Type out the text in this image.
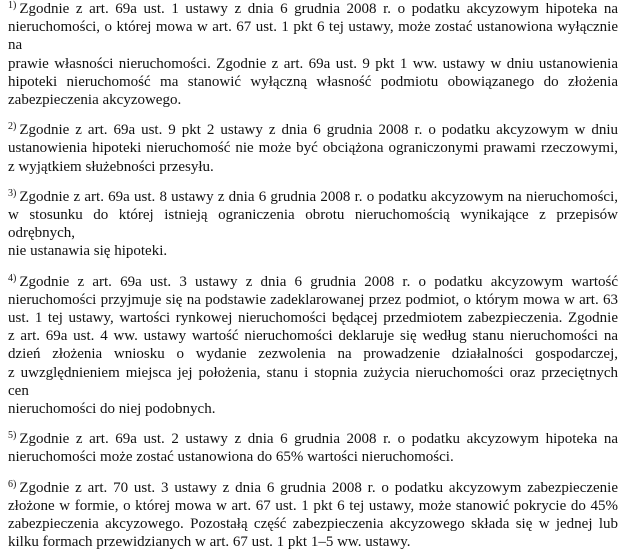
$^{1)}$ Zgodnie z art. 69a ust. 1 ustawy z dnia 6 grudnia 2008 r. o podatku akcyzowym hipoteka na
nieruchomości, o której mowa w art. 67 ust. 1 pkt 6 tej ustawy, może zostać ustanowiona wyłącznie na
prawie własności nieruchomości. Zgodnie z art. 69a ust. 9 pkt 1 ww. ustawy w dniu ustanowienia
hipoteki nieruchomość ma stanowić wyłączną własność podmiotu obowiązanego do złożenia
zabezpieczenia akcyzowego.

$^{2)}$ Zgodnie z art. 69a ust. 9 pkt 2 ustawy z dnia 6 grudnia 2008 r. o podatku akcyzowym w dniu
ustanowienia hipoteki nieruchomość nie może być obciążona ograniczonymi prawami rzeczowymi,
z wyjątkiem służebności przesyłu.

$^{3)}$ Zgodnie z art. 69a ust. 8 ustawy z dnia 6 grudnia 2008 r. o podatku akcyzowym na nieruchomości,
w stosunku do której istnieją ograniczenia obrotu nieruchomością wynikające z przepisów odrębnych,
nie ustanawia się hipoteki.

$^{4)}$ Zgodnie z art. 69a ust. 3 ustawy z dnia 6 grudnia 2008 r. o podatku akcyzowym wartość
nieruchomości przyjmuje się na podstawie zadeklarowanej przez podmiot, o którym mowa w art. 63
ust. 1 tej ustawy, wartości rynkowej nieruchomości będącej przedmiotem zabezpieczenia. Zgodnie
z art. 69a ust. 4 ww. ustawy wartość nieruchomości deklaruje się według stanu nieruchomości na
dzień złożenia wniosku o wydanie zezwolenia na prowadzenie działalności gospodarczej,
z uwzględnieniem miejsca jej położenia, stanu i stopnia zużycia nieruchomości oraz przeciętnych cen
nieruchomości do niej podobnych.

$^{5)}$ Zgodnie z art. 69a ust. 2 ustawy z dnia 6 grudnia 2008 r. o podatku akcyzowym hipoteka na
nieruchomości może zostać ustanowiona do 65% wartości nieruchomości.

$^{6)}$ Zgodnie z art. 70 ust. 3 ustawy z dnia 6 grudnia 2008 r. o podatku akcyzowym zabezpieczenie
złożone w formie, o której mowa w art. 67 ust. 1 pkt 6 tej ustawy, może stanowić pokrycie do 45%
zabezpieczenia akcyzowego. Pozostałą część zabezpieczenia akcyzowego składa się w jednej lub
kilku formach przewidzianych w art. 67 ust. 1 pkt 1–5 ww. ustawy.
